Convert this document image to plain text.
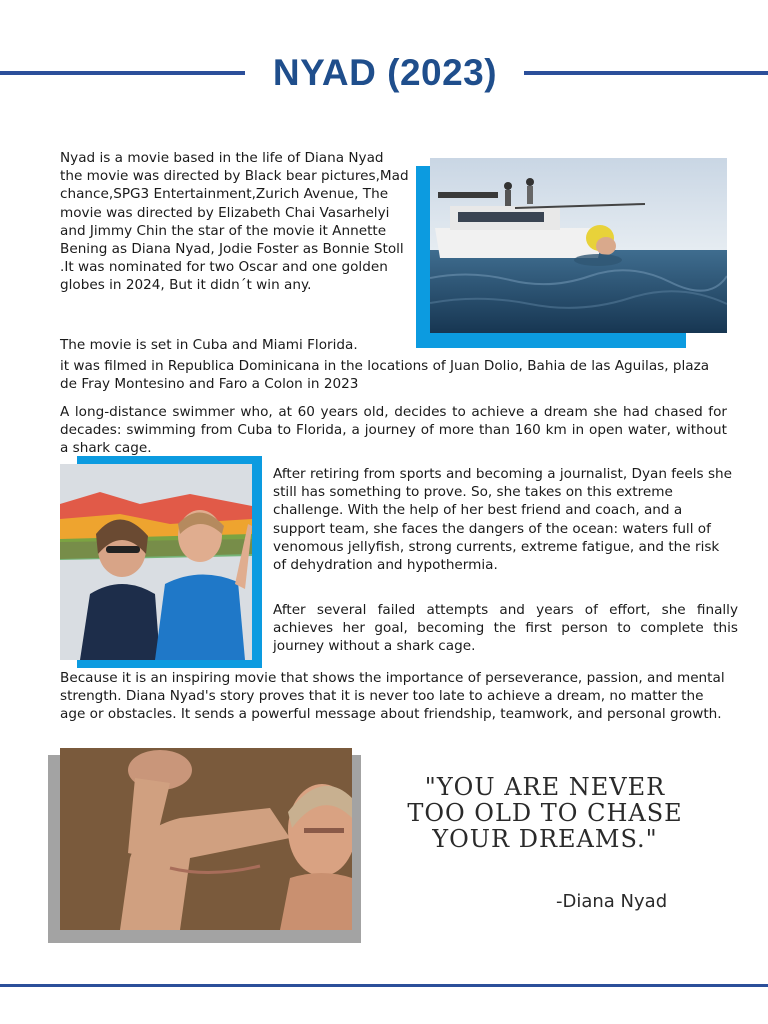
NYAD (2023)

Nyad is a movie based in the life of Diana Nyad the movie was directed by Black bear pictures,Mad chance,SPG3 Entertainment,Zurich Avenue, The movie was directed by Elizabeth Chai Vasarhelyi and Jimmy Chin the star of the movie it Annette Bening as Diana Nyad, Jodie Foster as Bonnie Stoll .It was nominated for two Oscar and one golden globes in 2024, But it didn´t win any.

The movie is set in Cuba and Miami Florida.

it was filmed in Republica Dominicana in the locations of Juan Dolio, Bahia de las Aguilas, plaza de Fray Montesino and Faro a Colon in 2023

A long-distance swimmer who, at 60 years old, decides to achieve a dream she had chased for decades: swimming from Cuba to Florida, a journey of more than 160 km in open water, without a shark cage.

After retiring from sports and becoming a journalist, Dyan feels she still has something to prove. So, she takes on this extreme challenge. With the help of her best friend and coach, and a support team, she faces the dangers of the ocean: waters full of venomous jellyfish, strong currents, extreme fatigue, and the risk of dehydration and hypothermia.

After several failed attempts and years of effort, she finally achieves her goal, becoming the first person to complete this journey without a shark cage.

Because it is an inspiring movie that shows the importance of perseverance, passion, and mental strength. Diana Nyad's story proves that it is never too late to achieve a dream, no matter the age or obstacles. It sends a powerful message about friendship, teamwork, and personal growth.

"YOU ARE NEVER TOO OLD TO CHASE YOUR DREAMS."
-Diana Nyad
